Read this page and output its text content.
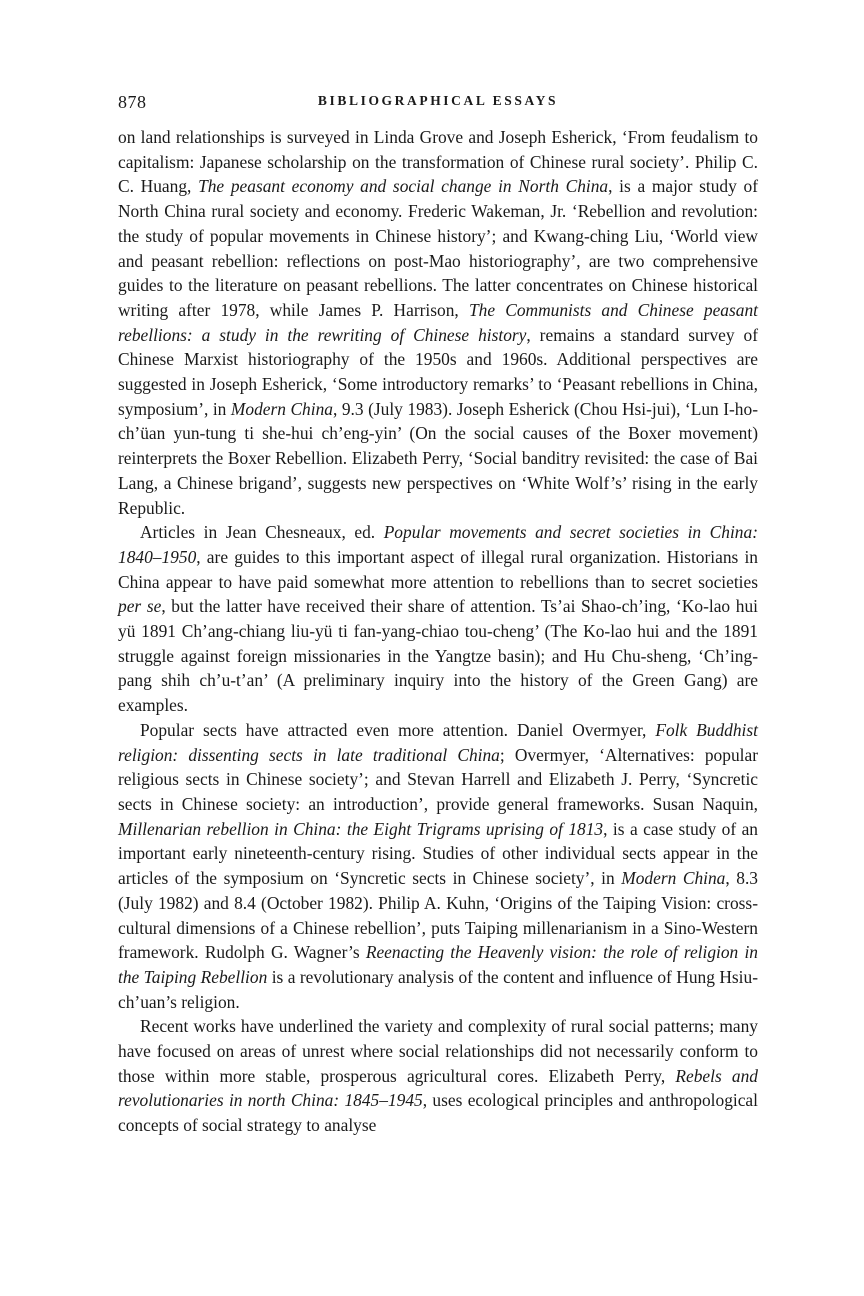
878	BIBLIOGRAPHICAL ESSAYS

on land relationships is surveyed in Linda Grove and Joseph Esherick, ‘From feudalism to capitalism: Japanese scholarship on the transformation of Chinese rural society’. Philip C. C. Huang, The peasant economy and social change in North China, is a major study of North China rural society and economy. Frederic Wakeman, Jr. ‘Rebellion and revolution: the study of popular movements in Chinese history’; and Kwang-ching Liu, ‘World view and peasant rebellion: reflections on post-Mao historiography’, are two comprehensive guides to the literature on peasant rebellions. The latter concentrates on Chinese historical writing after 1978, while James P. Harrison, The Communists and Chinese peasant rebellions: a study in the rewriting of Chinese history, remains a standard survey of Chinese Marxist historiography of the 1950s and 1960s. Additional perspectives are suggested in Joseph Esherick, ‘Some introductory remarks’ to ‘Peasant rebellions in China, symposium’, in Modern China, 9.3 (July 1983). Joseph Esherick (Chou Hsi-jui), ‘Lun I-ho-ch’üan yun-tung ti she-hui ch’eng-yin’ (On the social causes of the Boxer movement) reinterprets the Boxer Rebellion. Elizabeth Perry, ‘Social banditry revisited: the case of Bai Lang, a Chinese brigand’, suggests new perspectives on ‘White Wolf’s’ rising in the early Republic.

Articles in Jean Chesneaux, ed. Popular movements and secret societies in China: 1840–1950, are guides to this important aspect of illegal rural organization. Historians in China appear to have paid somewhat more attention to rebellions than to secret societies per se, but the latter have received their share of attention. Ts’ai Shao-ch’ing, ‘Ko-lao hui yü 1891 Ch’ang-chiang liu-yü ti fan-yang-chiao tou-cheng’ (The Ko-lao hui and the 1891 struggle against foreign missionaries in the Yangtze basin); and Hu Chu-sheng, ‘Ch’ing-pang shih ch’u-t’an’ (A preliminary inquiry into the history of the Green Gang) are examples.

Popular sects have attracted even more attention. Daniel Overmyer, Folk Buddhist religion: dissenting sects in late traditional China; Overmyer, ‘Alternatives: popular religious sects in Chinese society’; and Stevan Harrell and Elizabeth J. Perry, ‘Syncretic sects in Chinese society: an introduction’, provide general frameworks. Susan Naquin, Millenarian rebellion in China: the Eight Trigrams uprising of 1813, is a case study of an important early nineteenth-century rising. Studies of other individual sects appear in the articles of the symposium on ‘Syncretic sects in Chinese society’, in Modern China, 8.3 (July 1982) and 8.4 (October 1982). Philip A. Kuhn, ‘Origins of the Taiping Vision: cross-cultural dimensions of a Chinese rebellion’, puts Taiping millenarianism in a Sino-Western framework. Rudolph G. Wagner’s Reenacting the Heavenly vision: the role of religion in the Taiping Rebellion is a revolutionary analysis of the content and influence of Hung Hsiu-ch’uan’s religion.

Recent works have underlined the variety and complexity of rural social patterns; many have focused on areas of unrest where social relationships did not necessarily conform to those within more stable, prosperous agricultural cores. Elizabeth Perry, Rebels and revolutionaries in north China: 1845–1945, uses ecological principles and anthropological concepts of social strategy to analyse
